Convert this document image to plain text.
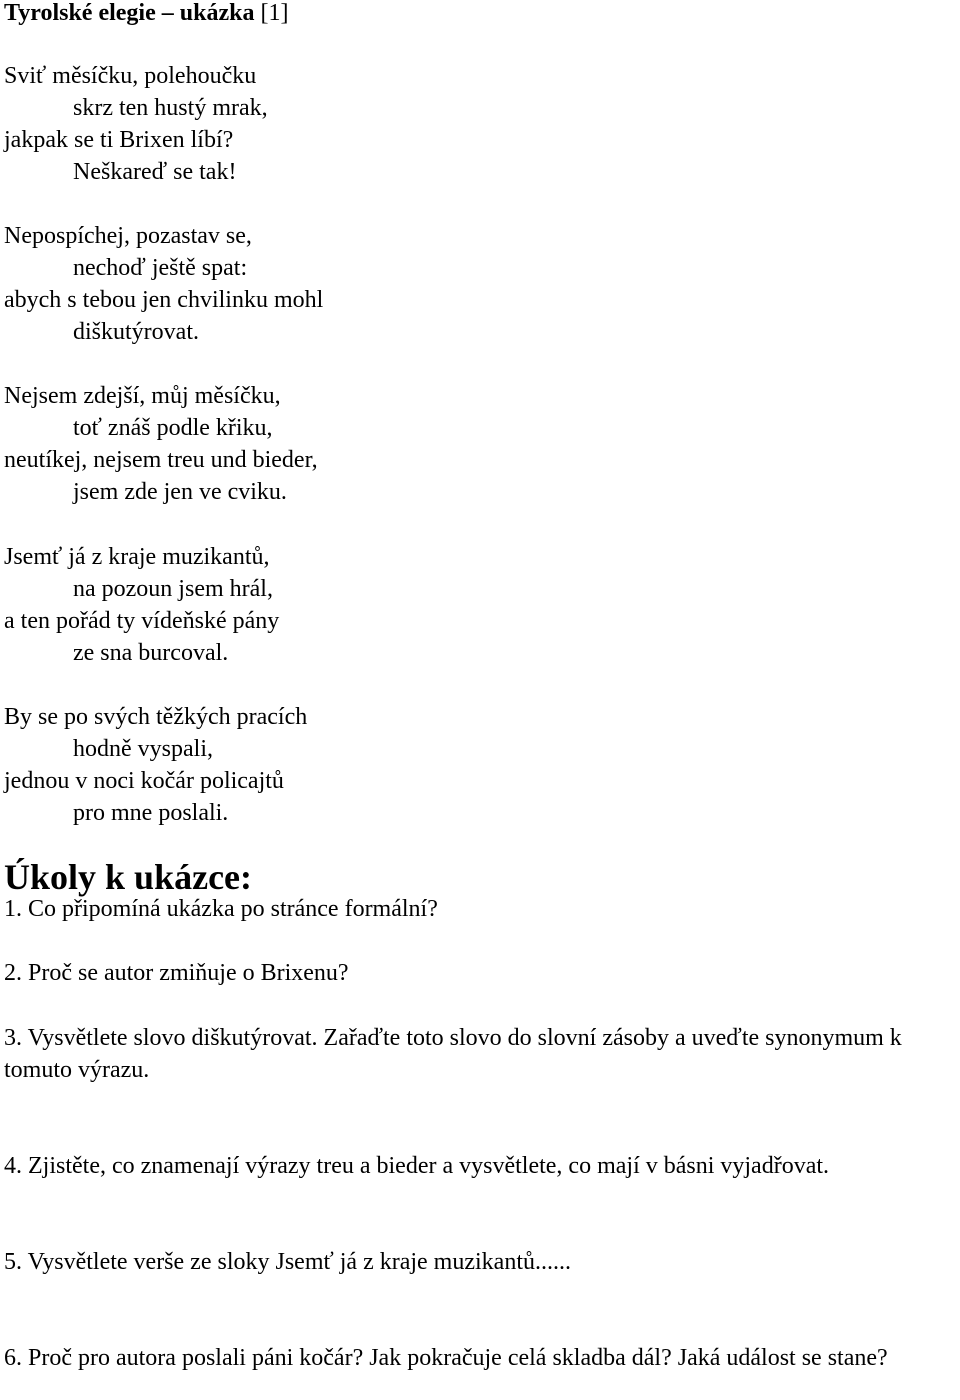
Tyrolské elegie – ukázka [1]

Sviť měsíčku, polehoučku

skrz ten hustý mrak,

jakpak se ti Brixen líbí?

Neškareď se tak!

Nepospíchej, pozastav se,

nechoď ještě spat:

abych s tebou jen chvilinku mohl

diškutýrovat.

Nejsem zdejší, můj měsíčku,

toť znáš podle křiku,

neutíkej, nejsem treu und bieder,

jsem zde jen ve cviku.

Jsemť já z kraje muzikantů,

na pozoun jsem hrál,

a ten pořád ty vídeňské pány

ze sna burcoval.

By se po svých těžkých pracích

hodně vyspali,

jednou v noci kočár policajtů

pro mne poslali.

Úkoly k ukázce:

1. Co připomíná ukázka po stránce formální?

2. Proč se autor zmiňuje o Brixenu?

3. Vysvětlete slovo diškutýrovat. Zařaďte toto slovo do slovní zásoby a uveďte synonymum k tomuto výrazu.

4. Zjistěte, co znamenají výrazy treu a bieder a vysvětlete, co mají v básni vyjadřovat.

5. Vysvětlete verše ze sloky Jsemť já z kraje muzikantů......

6. Proč pro autora poslali páni kočár? Jak pokračuje celá skladba dál? Jaká událost se stane?
